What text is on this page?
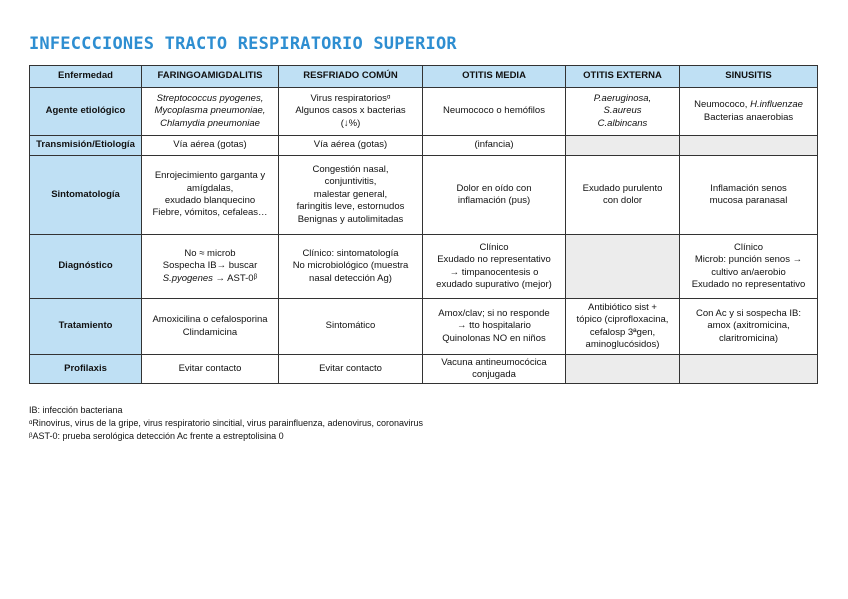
INFECCCIONES TRACTO RESPIRATORIO SUPERIOR
Enfermedad	FARINGOAMIGDALITIS	RESFRIADO COMÚN	OTITIS MEDIA	OTITIS EXTERNA	SINUSITIS
Agente etiológico	Streptococcus pyogenes,
Mycoplasma pneumoniae,
Chlamydia pneumoniae	Virus respiratoriosᵅ
Algunos casos x bacterias
(↓%)	Neumococo o hemófilos	P.aeruginosa,
S.aureus
C.albincans	Neumococo, H.influenzae
Bacterias anaerobias

Transmisión/Etiología	Vía aérea (gotas)	Vía aérea (gotas)	(infancia)		
Sintomatología	Enrojecimiento garganta y
amígdalas,
exudado blanquecino
Fiebre, vómitos, cefaleas…	Congestión nasal,
conjuntivitis,
malestar general,
faringitis leve, estornudos
Benignas y autolimitadas	Dolor en oído con
inflamación (pus)	Exudado purulento
con dolor	Inflamación senos
mucosa paranasal

Diagnóstico	No ≈ microb
Sospecha IB→ buscar
S.pyogenes → AST-0ᵝ	Clínico: sintomatología
No microbiológico (muestra
nasal detección Ag)	Clínico
Exudado no representativo
→ timpanocentesis o
exudado supurativo (mejor)		Clínico
Microb: punción senos →
cultivo an/aerobio
Exudado no representativo

Tratamiento	Amoxicilina o cefalosporina
Clindamicina	Sintomático	Amox/clav; si no responde
→ tto hospitalario
Quinolonas NO en niños	Antibiótico sist +
tópico (ciprofloxacina,
cefalosp 3ªgen,
aminoglucósidos)	Con Ac y si sospecha IB:
amox (axitromicina,
claritromicina)

Profilaxis	Evitar contacto	Evitar contacto	Vacuna antineumocócica
conjugada		

IB: infección bacteriana
ᵅRinovirus, virus de la gripe, virus respiratorio sincitial, virus parainfluenza, adenovirus, coronavirus
ᵝAST-0: prueba serológica detección Ac frente a estreptolisina 0
